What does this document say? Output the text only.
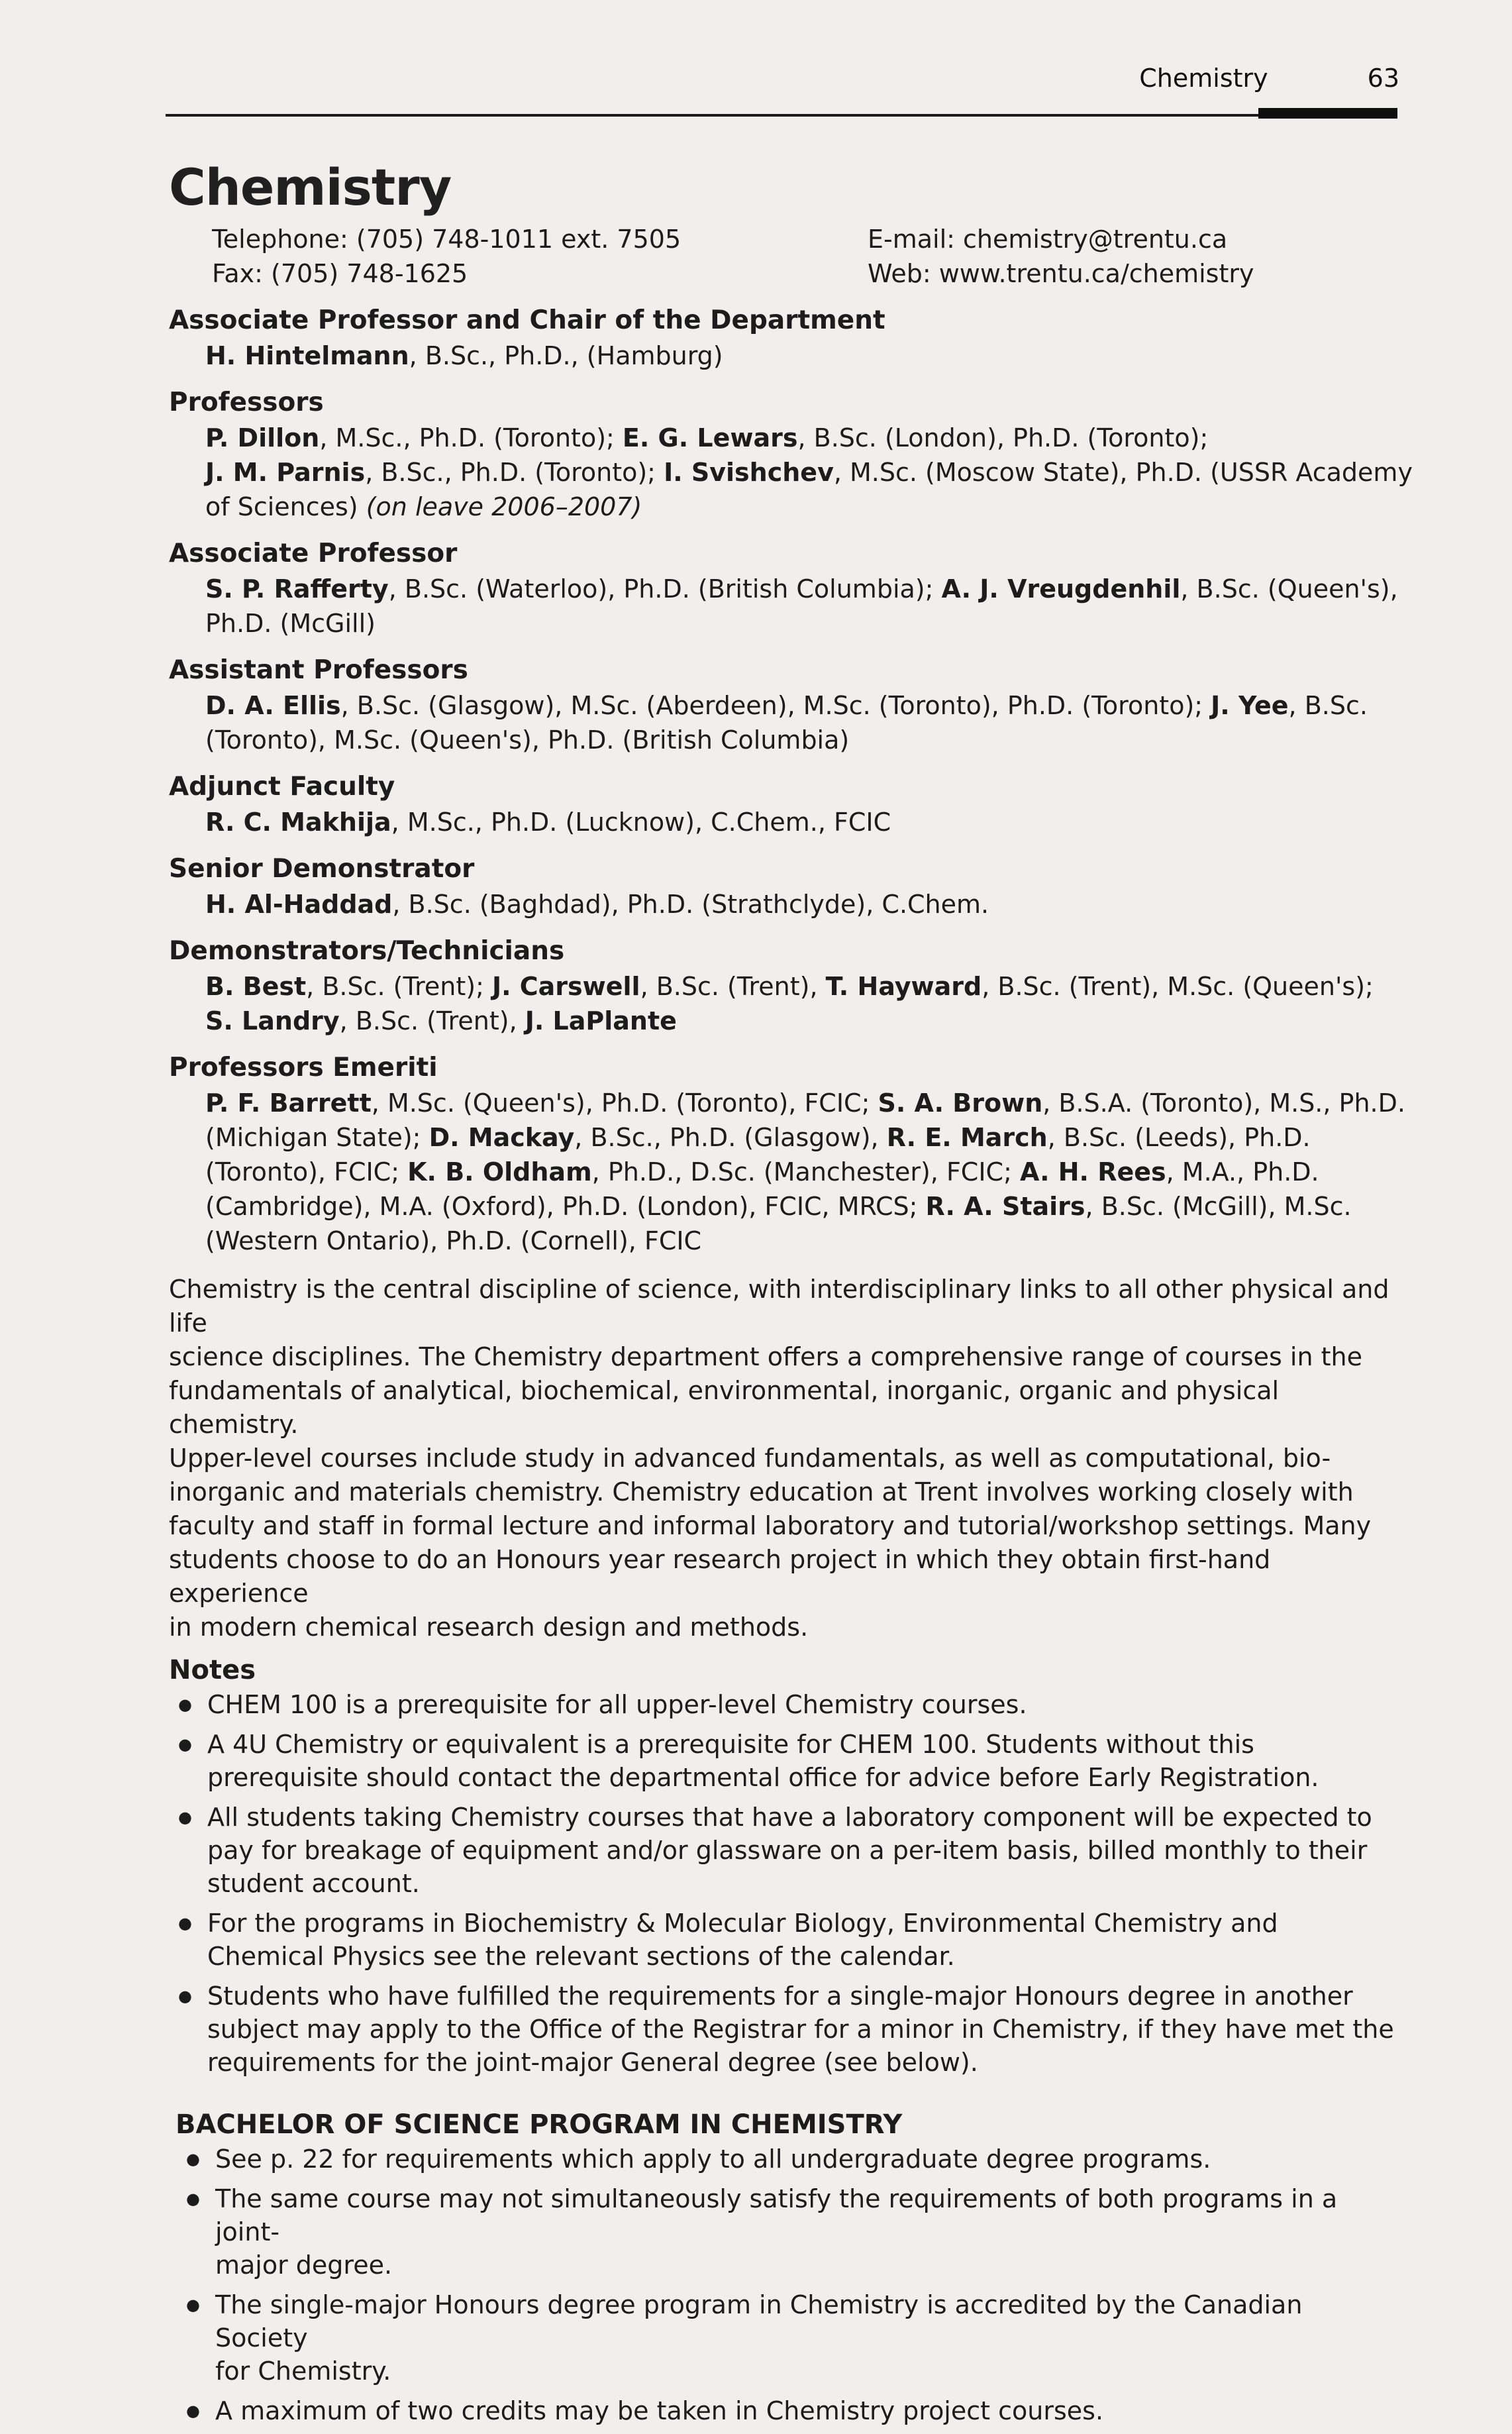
Chemistry	63
Chemistry
Telephone: (705) 748-1011 ext. 7505	E-mail: chemistry@trentu.ca
Fax: (705) 748-1625	Web: www.trentu.ca/chemistry
Associate Professor and Chair of the Department
H. Hintelmann, B.Sc., Ph.D., (Hamburg)
Professors
P. Dillon, M.Sc., Ph.D. (Toronto); E. G. Lewars, B.Sc. (London), Ph.D. (Toronto);
J. M. Parnis, B.Sc., Ph.D. (Toronto); I. Svishchev, M.Sc. (Moscow State), Ph.D. (USSR Academy
of Sciences) (on leave 2006–2007)
Associate Professor
S. P. Rafferty, B.Sc. (Waterloo), Ph.D. (British Columbia); A. J. Vreugdenhil, B.Sc. (Queen's),
Ph.D. (McGill)
Assistant Professors
D. A. Ellis, B.Sc. (Glasgow), M.Sc. (Aberdeen), M.Sc. (Toronto), Ph.D. (Toronto); J. Yee, B.Sc.
(Toronto), M.Sc. (Queen's), Ph.D. (British Columbia)
Adjunct Faculty
R. C. Makhija, M.Sc., Ph.D. (Lucknow), C.Chem., FCIC
Senior Demonstrator
H. Al-Haddad, B.Sc. (Baghdad), Ph.D. (Strathclyde), C.Chem.
Demonstrators/Technicians
B. Best, B.Sc. (Trent); J. Carswell, B.Sc. (Trent), T. Hayward, B.Sc. (Trent), M.Sc. (Queen's);
S. Landry, B.Sc. (Trent), J. LaPlante
Professors Emeriti
P. F. Barrett, M.Sc. (Queen's), Ph.D. (Toronto), FCIC; S. A. Brown, B.S.A. (Toronto), M.S., Ph.D.
(Michigan State); D. Mackay, B.Sc., Ph.D. (Glasgow), R. E. March, B.Sc. (Leeds), Ph.D.
(Toronto), FCIC; K. B. Oldham, Ph.D., D.Sc. (Manchester), FCIC; A. H. Rees, M.A., Ph.D.
(Cambridge), M.A. (Oxford), Ph.D. (London), FCIC, MRCS; R. A. Stairs, B.Sc. (McGill), M.Sc.
(Western Ontario), Ph.D. (Cornell), FCIC
Chemistry is the central discipline of science, with interdisciplinary links to all other physical and life
science disciplines. The Chemistry department offers a comprehensive range of courses in the
fundamentals of analytical, biochemical, environmental, inorganic, organic and physical chemistry.
Upper-level courses include study in advanced fundamentals, as well as computational, bio-
inorganic and materials chemistry. Chemistry education at Trent involves working closely with
faculty and staff in formal lecture and informal laboratory and tutorial/workshop settings. Many
students choose to do an Honours year research project in which they obtain first-hand experience
in modern chemical research design and methods.
Notes
● CHEM 100 is a prerequisite for all upper-level Chemistry courses.
● A 4U Chemistry or equivalent is a prerequisite for CHEM 100. Students without this
prerequisite should contact the departmental office for advice before Early Registration.
● All students taking Chemistry courses that have a laboratory component will be expected to
pay for breakage of equipment and/or glassware on a per-item basis, billed monthly to their
student account.
● For the programs in Biochemistry & Molecular Biology, Environmental Chemistry and
Chemical Physics see the relevant sections of the calendar.
● Students who have fulfilled the requirements for a single-major Honours degree in another
subject may apply to the Office of the Registrar for a minor in Chemistry, if they have met the
requirements for the joint-major General degree (see below).
BACHELOR OF SCIENCE PROGRAM IN CHEMISTRY
● See p. 22 for requirements which apply to all undergraduate degree programs.
● The same course may not simultaneously satisfy the requirements of both programs in a joint-
major degree.
● The single-major Honours degree program in Chemistry is accredited by the Canadian Society
for Chemistry.
● A maximum of two credits may be taken in Chemistry project courses.
